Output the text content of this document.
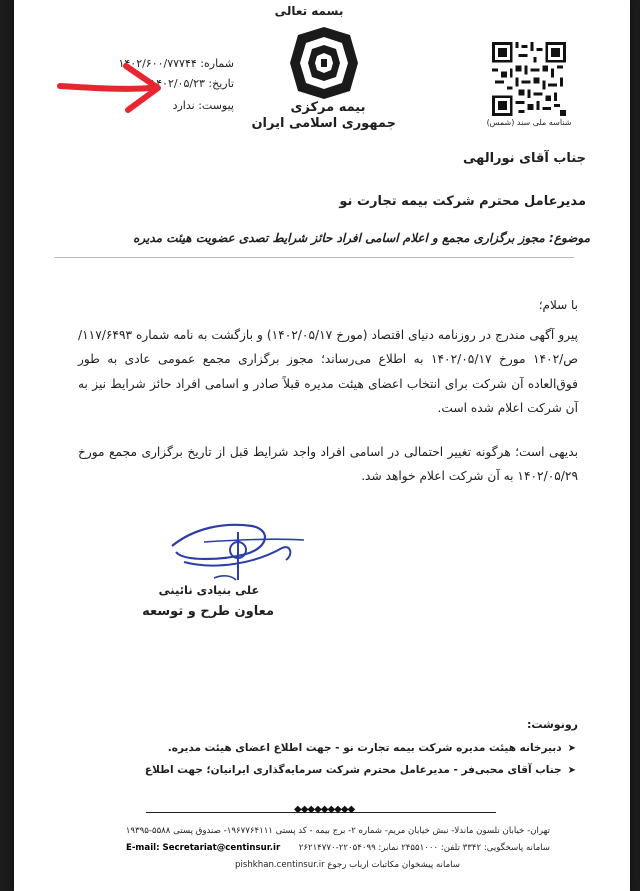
بسمه تعالی
شماره: ۱۴۰۲/۶۰۰/۷۷۷۴۴
تاریخ: ۱۴۰۲/۰۵/۲۳
پیوست: ندارد	بیمه مرکزی
جمهوری اسلامی ایران	شناسه ملی سند (شمس)
جناب آقای نورالهی
مدیرعامل محترم شرکت بیمه تجارت نو
موضوع: مجوز برگزاری مجمع و اعلام اسامی افراد حائز شرایط تصدی عضویت هیئت مدیره
با سلام؛
پیرو آگهی مندرج در روزنامه دنیای اقتصاد (مورخ ۱۴۰۲/۰۵/۱۷) و بازگشت به نامه شماره ۱۱۷/۶۴۹۳/ص/۱۴۰۲ مورخ ۱۴۰۲/۰۵/۱۷ به اطلاع می‌رساند؛ مجوز برگزاری مجمع عمومی عادی به طور فوق‌العاده آن شرکت برای انتخاب اعضای هیئت مدیره قبلاً صادر و اسامی افراد حائز شرایط نیز به آن شرکت اعلام شده است.
بدیهی است؛ هرگونه تغییر احتمالی در اسامی افراد واجد شرایط قبل از تاریخ برگزاری مجمع مورخ ۱۴۰۲/۰۵/۲۹ به آن شرکت اعلام خواهد شد.
علی بنیادی نائینی
معاون طرح و توسعه
رونوشت:
➤
دبیرخانه هیئت مدیره شرکت بیمه تجارت نو - جهت اطلاع اعضای هیئت مدیره.
➤
جناب آقای محبی‌فر - مدیرعامل محترم شرکت سرمایه‌گذاری ایرانیان؛ جهت اطلاع
◆◆◆◆◆◆◆◆◆
تهران- خیابان نلسون ماندلا- نبش خیابان مریم- شماره ۲- برج بیمه - کد پستی ۱۹۶۷۷۶۴۱۱۱- صندوق پستی ۵۵۸۸-۱۹۳۹۵
سامانه پاسخگویی: ۳۳۴۲ تلفن: ۲۴۵۵۱۰۰۰ نمابر: ۲۲۰۵۴۰۹۹-۲۶۲۱۴۷۷۰
E-mail: Secretariat@centinsur.ir
سامانه پیشخوان مکاتبات ارباب رجوع pishkhan.centinsur.ir
